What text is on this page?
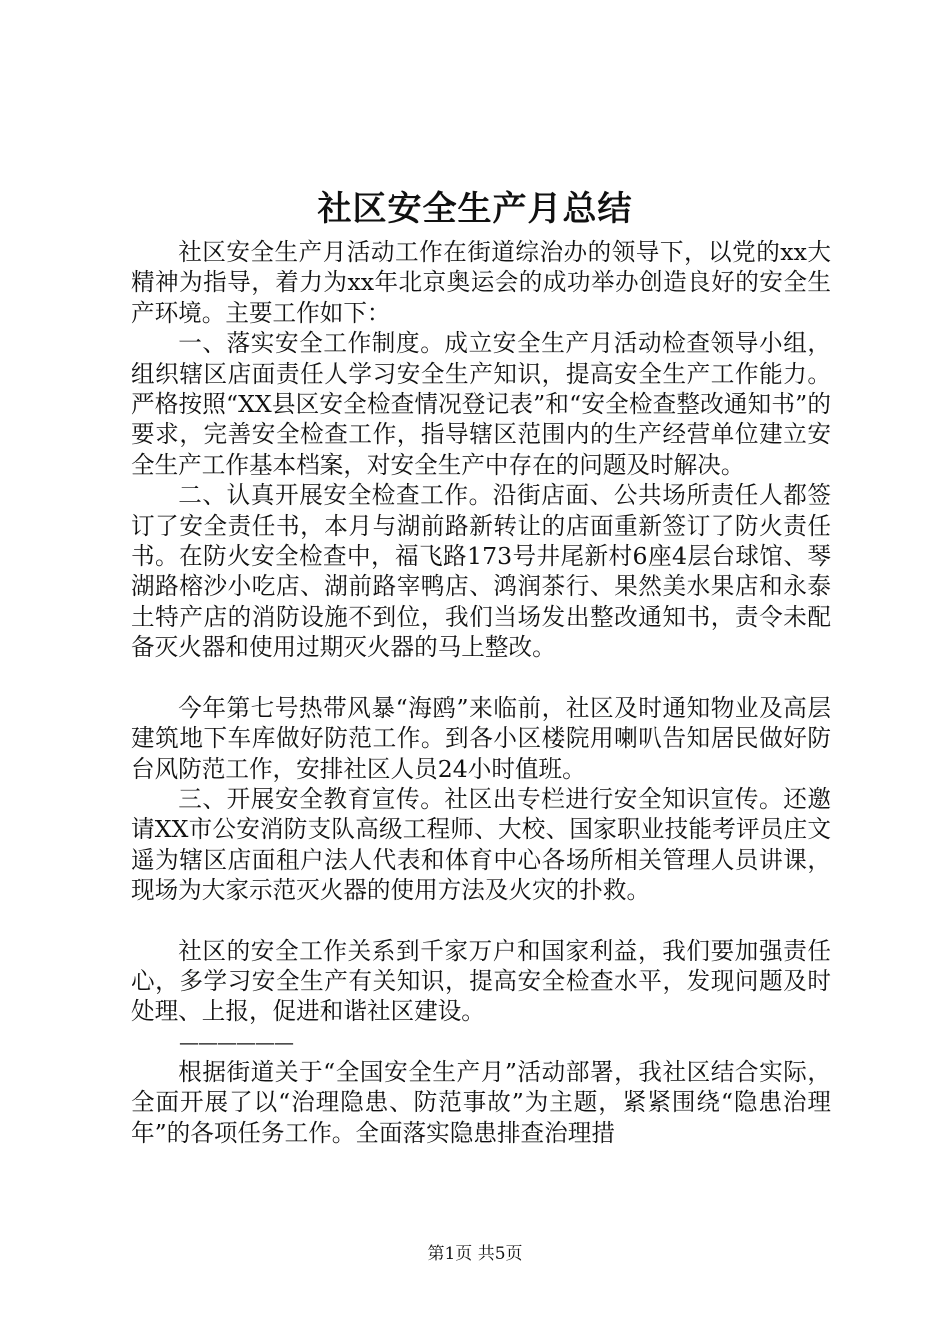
社区安全生产月总结

社区安全生产月活动工作在街道综治办的领导下，以党的xx大精神为指导，着力为xx年北京奥运会的成功举办创造良好的安全生产环境。主要工作如下：

一、落实安全工作制度。成立安全生产月活动检查领导小组，组织辖区店面责任人学习安全生产知识，提高安全生产工作能力。严格按照“XX县区安全检查情况登记表”和“安全检查整改通知书”的要求，完善安全检查工作，指导辖区范围内的生产经营单位建立安全生产工作基本档案，对安全生产中存在的问题及时解决。

二、认真开展安全检查工作。沿街店面、公共场所责任人都签订了安全责任书，本月与湖前路新转让的店面重新签订了防火责任书。在防火安全检查中，福飞路173号井尾新村6座4层台球馆、琴湖路榕沙小吃店、湖前路宰鸭店、鸿润茶行、果然美水果店和永泰土特产店的消防设施不到位，我们当场发出整改通知书，责令未配备灭火器和使用过期灭火器的马上整改。

今年第七号热带风暴“海鸥”来临前，社区及时通知物业及高层建筑地下车库做好防范工作。到各小区楼院用喇叭告知居民做好防台风防范工作，安排社区人员24小时值班。

三、开展安全教育宣传。社区出专栏进行安全知识宣传。还邀请XX市公安消防支队高级工程师、大校、国家职业技能考评员庄文遥为辖区店面租户法人代表和体育中心各场所相关管理人员讲课，现场为大家示范灭火器的使用方法及火灾的扑救。

社区的安全工作关系到千家万户和国家利益，我们要加强责任心，多学习安全生产有关知识，提高安全检查水平，发现问题及时处理、上报，促进和谐社区建设。

——————

根据街道关于“全国安全生产月”活动部署，我社区结合实际，全面开展了以“治理隐患、防范事故”为主题，紧紧围绕“隐患治理年”的各项任务工作。全面落实隐患排查治理措

第1页 共5页
